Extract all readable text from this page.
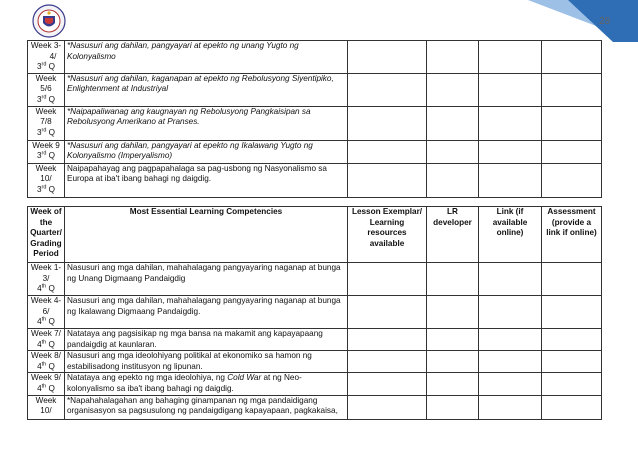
28
Week 3-
4/
3rd Q	*Nasusuri ang dahilan, pangyayari at epekto ng unang Yugto ng Kolonyalismo				

Week
5/6
3rd Q	*Nasusuri ang dahilan, kaganapan at epekto ng Rebolusyong Siyentipiko, Enlightenment at Industriyal				

Week
7/8
3rd Q	*Naipapaliwanag ang kaugnayan ng Rebolusyong Pangkaisipan sa Rebolusyong Amerikano at Pranses.				

Week 9
3rd Q	*Nasusuri ang dahilan, pangyayari at epekto ng Ikalawang Yugto ng Kolonyalismo (Imperyalismo)				

Week
10/
3rd Q	Naipapahayag ang pagpapahalaga sa pag-usbong ng Nasyonalismo sa Europa at iba't ibang bahagi ng daigdig.				
Week of the Quarter/ Grading Period	Most Essential Learning Competencies	Lesson Exemplar/ Learning resources available	LR developer	Link (if available online)	Assessment (provide a link if online)

Week 1-
3/
4th Q	Nasusuri ang mga dahilan, mahahalagang pangyayaring naganap at bunga ng Unang Digmaang Pandaigdig				

Week 4-
6/
4th Q	Nasusuri ang mga dahilan, mahahalagang pangyayaring naganap at bunga ng Ikalawang Digmaang Pandaigdig.				

Week 7/
4th Q	Natataya ang pagsisikap ng mga bansa na makamit ang kapayapaang pandaigdig at kaunlaran.				

Week 8/
4th Q	Nasusuri ang mga ideolohiyang politikal at ekonomiko sa hamon ng estabilisadong institusyon ng lipunan.				

Week 9/
4th Q	Natataya ang epekto ng mga ideolohiya, ng Cold War at ng Neo-kolonyalismo sa iba't ibang bahagi ng daigdig.				

Week
10/	*Napahahalagahan ang bahaging ginampanan ng mga pandaidigang organisasyon sa pagsusulong ng pandaigdigang kapayapaan, pagkakaisa,				
